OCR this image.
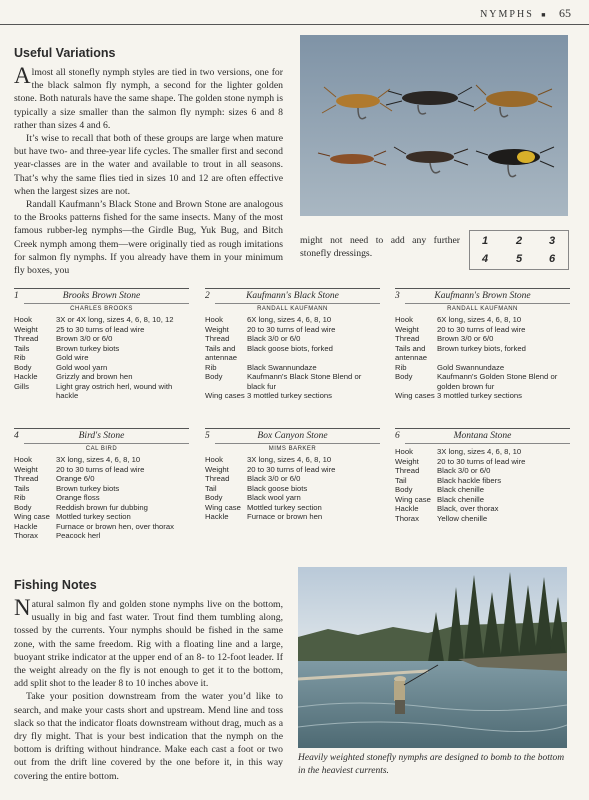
NYMPHS ■ 65
Useful Variations

Almost all stonefly nymph styles are tied in two versions, one for the black salmon fly nymph, a second for the lighter golden stone. Both naturals have the same shape. The golden stone nymph is typically a size smaller than the salmon fly nymph: sizes 6 and 8 rather than sizes 4 and 6.

It’s wise to recall that both of these groups are large when mature but have two- and three-year life cycles. The smaller first and second year-classes are in the water and available to trout in all seasons. That’s why the same flies tied in sizes 10 and 12 are often effective when the largest sizes are not.

Randall Kaufmann’s Black Stone and Brown Stone are analogous to the Brooks patterns fished for the same insects. Many of the most famous rubber-leg nymphs—the Girdle Bug, Yuk Bug, and Bitch Creek nymph among them—were originally tied as rough imitations for salmon fly nymphs. If you already have them in your minimum fly boxes, you

might not need to add any further stonefly dressings.

1	2 3
4	5 6
1	Brooks Brown Stone
CHARLES BROOKS
Hook	3X or 4X long, sizes 4, 6, 8, 10, 12
Weight	25 to 30 turns of lead wire
Thread	Brown 3/0 or 6/0
Tails	Brown turkey biots
Rib	Gold wire
Body	Gold wool yarn
Hackle	Grizzly and brown hen
Gills	Light gray ostrich herl, wound with hackle
2	Kaufmann's Black Stone
RANDALL KAUFMANN
Hook	6X long, sizes 4, 6, 8, 10
Weight	20 to 30 turns of lead wire
Thread	Black 3/0 or 6/0
Tails and antennae	Black goose biots, forked
Rib	Black Swannundaze
Body	Kaufmann's Black Stone Blend or black fur
Wing cases	3 mottled turkey sections
3	Kaufmann's Brown Stone
RANDALL KAUFMANN
Hook	6X long, sizes 4, 6, 8, 10
Weight	20 to 30 turns of lead wire
Thread	Brown 3/0 or 6/0
Tails and antennae	Brown turkey biots, forked
Rib	Gold Swannundaze
Body	Kaufmann's Golden Stone Blend or golden brown fur
Wing cases	3 mottled turkey sections
4	Bird's Stone
CAL BIRD
Hook	3X long, sizes 4, 6, 8, 10
Weight	20 to 30 turns of lead wire
Thread	Orange 6/0
Tails	Brown turkey biots
Rib	Orange floss
Body	Reddish brown fur dubbing
Wing case	Mottled turkey section
Hackle	Furnace or brown hen, over thorax
Thorax	Peacock herl
5	Box Canyon Stone
MIMS BARKER
Hook	3X long, sizes 4, 6, 8, 10
Weight	20 to 30 turns of lead wire
Thread	Black 3/0 or 6/0
Tail	Black goose biots
Body	Black wool yarn
Wing case	Mottled turkey section
Hackle	Furnace or brown hen
6	Montana Stone
Hook	3X long, sizes 4, 6, 8, 10
Weight	20 to 30 turns of lead wire
Thread	Black 3/0 or 6/0
Tail	Black hackle fibers
Body	Black chenille
Wing case	Black chenille
Hackle	Black, over thorax
Thorax	Yellow chenille
Fishing Notes

Natural salmon fly and golden stone nymphs live on the bottom, usually in big and fast water. Trout find them tumbling along, tossed by the currents. Your nymphs should be fished in the same zone, with the same freedom. Rig with a floating line and a large, buoyant strike indicator at the upper end of an 8- to 12-foot leader. If the weight already on the fly is not enough to get it to the bottom, add split shot to the leader 8 to 10 inches above it.

Take your position downstream from the water you’d like to search, and make your casts short and upstream. Mend line and toss slack so that the indicator floats downstream without drag, much as a dry fly might. That is your best indication that the nymph on the bottom is drifting without hindrance. Make each cast a foot or two out from the drift line covered by the one before it, in this way covering the entire bottom.

Heavily weighted stonefly nymphs are designed to bomb to the bottom in the heaviest currents.
